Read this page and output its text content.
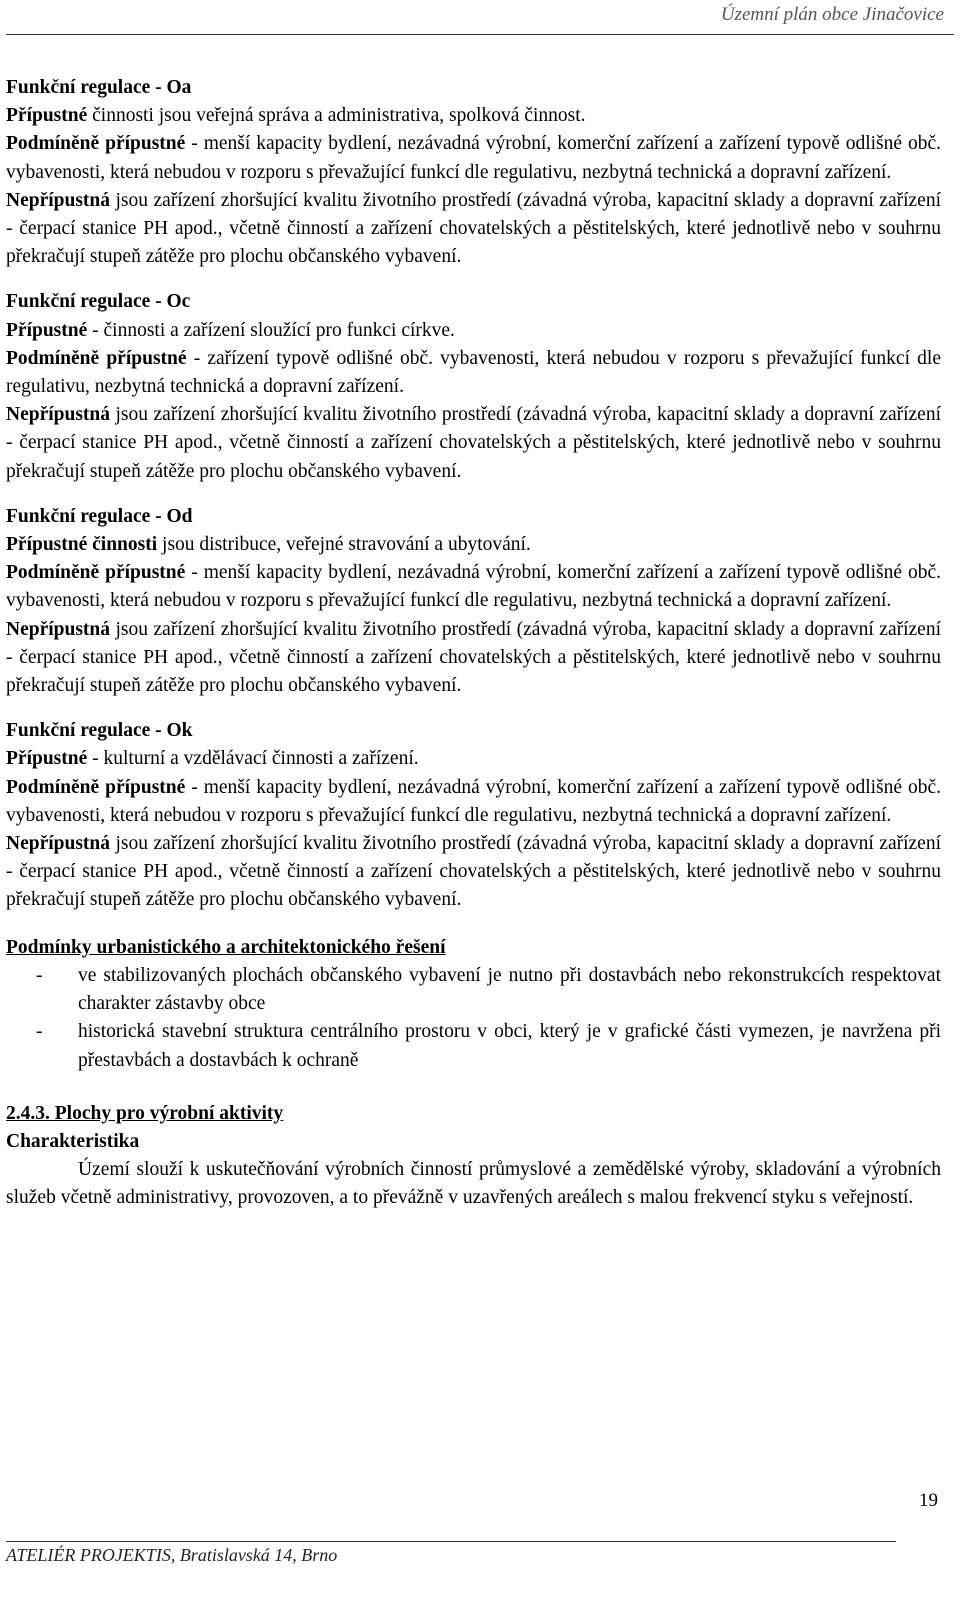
Územní plán obce Jinačovice

Funkční regulace - Oa

Přípustné činnosti jsou veřejná správa a administrativa, spolková činnost.

Podmíněně přípustné - menší kapacity bydlení, nezávadná výrobní, komerční zařízení a zařízení typově odlišné obč. vybavenosti, která nebudou v rozporu s převažující funkcí dle regulativu, nezbytná technická a dopravní zařízení.

Nepřípustná jsou zařízení zhoršující kvalitu životního prostředí (závadná výroba, kapacitní sklady a dopravní zařízení - čerpací stanice PH apod., včetně činností a zařízení chovatelských a pěstitelských, které jednotlivě nebo v souhrnu překračují stupeň zátěže pro plochu občanského vybavení.

Funkční regulace - Oc

Přípustné - činnosti a zařízení sloužící pro funkci církve.

Podmíněně přípustné - zařízení typově odlišné obč. vybavenosti, která nebudou v rozporu s převažující funkcí dle regulativu, nezbytná technická a dopravní zařízení.

Nepřípustná jsou zařízení zhoršující kvalitu životního prostředí (závadná výroba, kapacitní sklady a dopravní zařízení - čerpací stanice PH apod., včetně činností a zařízení chovatelských a pěstitelských, které jednotlivě nebo v souhrnu překračují stupeň zátěže pro plochu občanského vybavení.

Funkční regulace - Od

Přípustné činnosti jsou distribuce, veřejné stravování a ubytování.

Podmíněně přípustné - menší kapacity bydlení, nezávadná výrobní, komerční zařízení a zařízení typově odlišné obč. vybavenosti, která nebudou v rozporu s převažující funkcí dle regulativu, nezbytná technická a dopravní zařízení.

Nepřípustná jsou zařízení zhoršující kvalitu životního prostředí (závadná výroba, kapacitní sklady a dopravní zařízení - čerpací stanice PH apod., včetně činností a zařízení chovatelských a pěstitelských, které jednotlivě nebo v souhrnu překračují stupeň zátěže pro plochu občanského vybavení.

Funkční regulace - Ok

Přípustné - kulturní a vzdělávací činnosti a zařízení.

Podmíněně přípustné - menší kapacity bydlení, nezávadná výrobní, komerční zařízení a zařízení typově odlišné obč. vybavenosti, která nebudou v rozporu s převažující funkcí dle regulativu, nezbytná technická a dopravní zařízení.

Nepřípustná jsou zařízení zhoršující kvalitu životního prostředí (závadná výroba, kapacitní sklady a dopravní zařízení - čerpací stanice PH apod., včetně činností a zařízení chovatelských a pěstitelských, které jednotlivě nebo v souhrnu překračují stupeň zátěže pro plochu občanského vybavení.

Podmínky urbanistického a architektonického řešení

- ve stabilizovaných plochách občanského vybavení je nutno při dostavbách nebo rekonstrukcích respektovat charakter zástavby obce
- historická stavební struktura centrálního prostoru v obci, který je v grafické části vymezen, je navržena při přestavbách a dostavbách k ochraně

2.4.3. Plochy pro výrobní aktivity

Charakteristika

Území slouží k uskutečňování výrobních činností průmyslové a zemědělské výroby, skladování a výrobních služeb včetně administrativy, provozoven, a to převážně v uzavřených areálech s malou frekvencí styku s veřejností.

19
ATELIÉR PROJEKTIS, Bratislavská 14, Brno
